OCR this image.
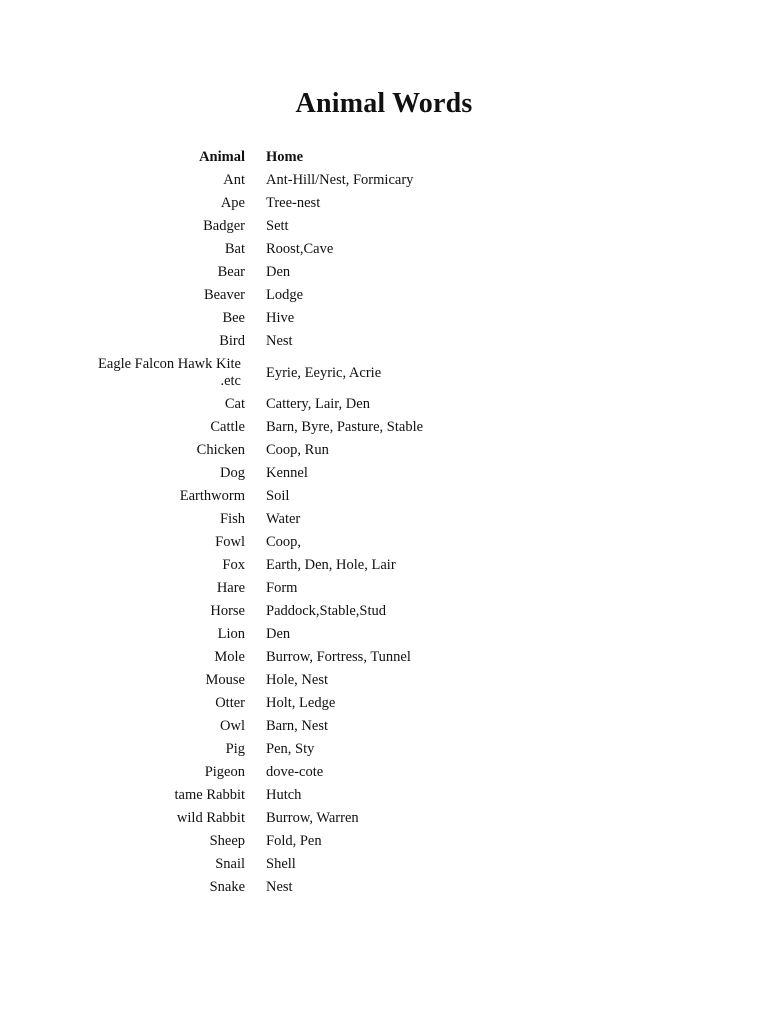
Animal Words
Animal	Home
Ant	Ant-Hill/Nest, Formicary
Ape	Tree-nest
Badger	Sett
Bat	Roost,Cave
Bear	Den
Beaver	Lodge
Bee	Hive
Bird	Nest
Eagle Falcon Hawk Kite .etc	Eyrie, Eeyric, Acrie
Cat	Cattery, Lair, Den
Cattle	Barn, Byre, Pasture, Stable
Chicken	Coop, Run
Dog	Kennel
Earthworm	Soil
Fish	Water
Fowl	Coop,
Fox	Earth, Den, Hole, Lair
Hare	Form
Horse	Paddock,Stable,Stud
Lion	Den
Mole	Burrow, Fortress, Tunnel
Mouse	Hole, Nest
Otter	Holt, Ledge
Owl	Barn, Nest
Pig	Pen, Sty
Pigeon	dove-cote
tame Rabbit	Hutch
wild Rabbit	Burrow, Warren
Sheep	Fold, Pen
Snail	Shell
Snake	Nest
